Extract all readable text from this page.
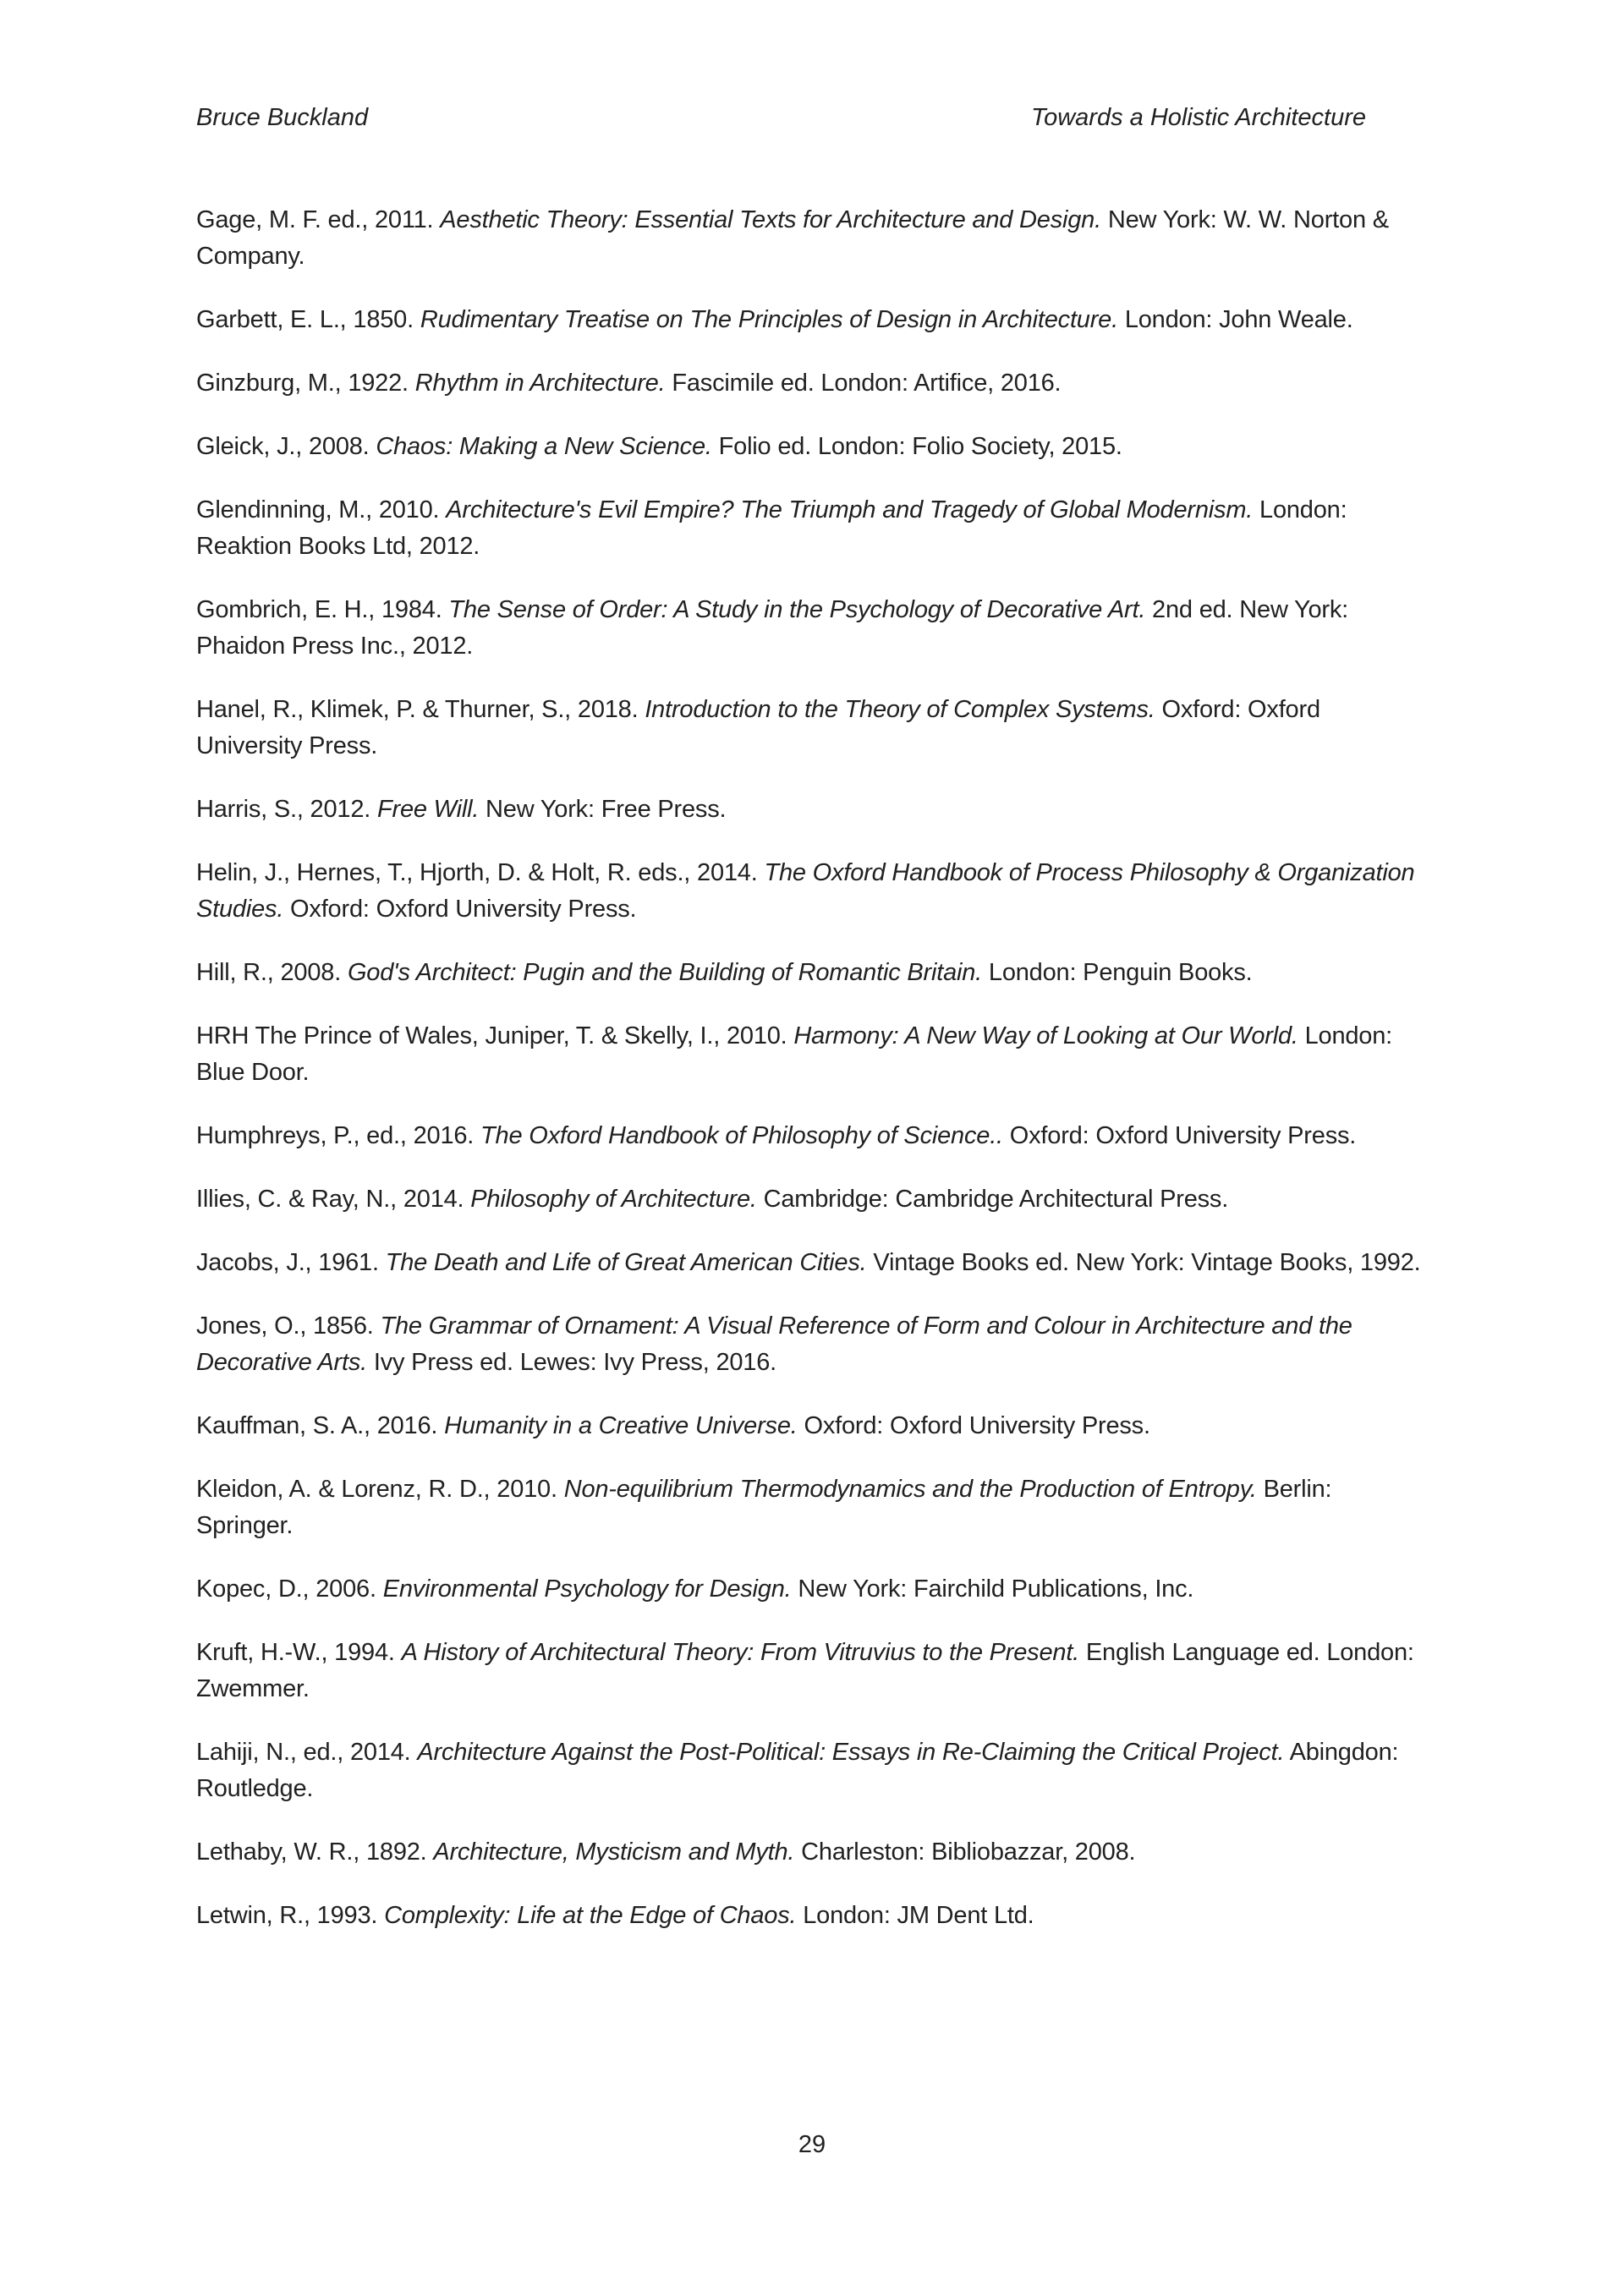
Bruce Buckland	Towards a Holistic Architecture

Gage, M. F. ed., 2011. Aesthetic Theory: Essential Texts for Architecture and Design. New York: W. W. Norton & Company.

Garbett, E. L., 1850. Rudimentary Treatise on The Principles of Design in Architecture. London: John Weale.

Ginzburg, M., 1922. Rhythm in Architecture. Fascimile ed. London: Artifice, 2016.

Gleick, J., 2008. Chaos: Making a New Science. Folio ed. London: Folio Society, 2015.

Glendinning, M., 2010. Architecture's Evil Empire? The Triumph and Tragedy of Global Modernism. London: Reaktion Books Ltd, 2012.

Gombrich, E. H., 1984. The Sense of Order: A Study in the Psychology of Decorative Art. 2nd ed. New York: Phaidon Press Inc., 2012.

Hanel, R., Klimek, P. & Thurner, S., 2018. Introduction to the Theory of Complex Systems. Oxford: Oxford University Press.

Harris, S., 2012. Free Will. New York: Free Press.

Helin, J., Hernes, T., Hjorth, D. & Holt, R. eds., 2014. The Oxford Handbook of Process Philosophy & Organization Studies. Oxford: Oxford University Press.

Hill, R., 2008. God's Architect: Pugin and the Building of Romantic Britain. London: Penguin Books.

HRH The Prince of Wales, Juniper, T. & Skelly, I., 2010. Harmony: A New Way of Looking at Our World. London: Blue Door.

Humphreys, P., ed., 2016. The Oxford Handbook of Philosophy of Science.. Oxford: Oxford University Press.

Illies, C. & Ray, N., 2014. Philosophy of Architecture. Cambridge: Cambridge Architectural Press.

Jacobs, J., 1961. The Death and Life of Great American Cities. Vintage Books ed. New York: Vintage Books, 1992.

Jones, O., 1856. The Grammar of Ornament: A Visual Reference of Form and Colour in Architecture and the Decorative Arts. Ivy Press ed. Lewes: Ivy Press, 2016.

Kauffman, S. A., 2016. Humanity in a Creative Universe. Oxford: Oxford University Press.

Kleidon, A. & Lorenz, R. D., 2010. Non-equilibrium Thermodynamics and the Production of Entropy. Berlin: Springer.

Kopec, D., 2006. Environmental Psychology for Design. New York: Fairchild Publications, Inc.

Kruft, H.-W., 1994. A History of Architectural Theory: From Vitruvius to the Present. English Language ed. London: Zwemmer.

Lahiji, N., ed., 2014. Architecture Against the Post-Political: Essays in Re-Claiming the Critical Project. Abingdon: Routledge.

Lethaby, W. R., 1892. Architecture, Mysticism and Myth. Charleston: Bibliobazzar, 2008.

Letwin, R., 1993. Complexity: Life at the Edge of Chaos. London: JM Dent Ltd.

29
